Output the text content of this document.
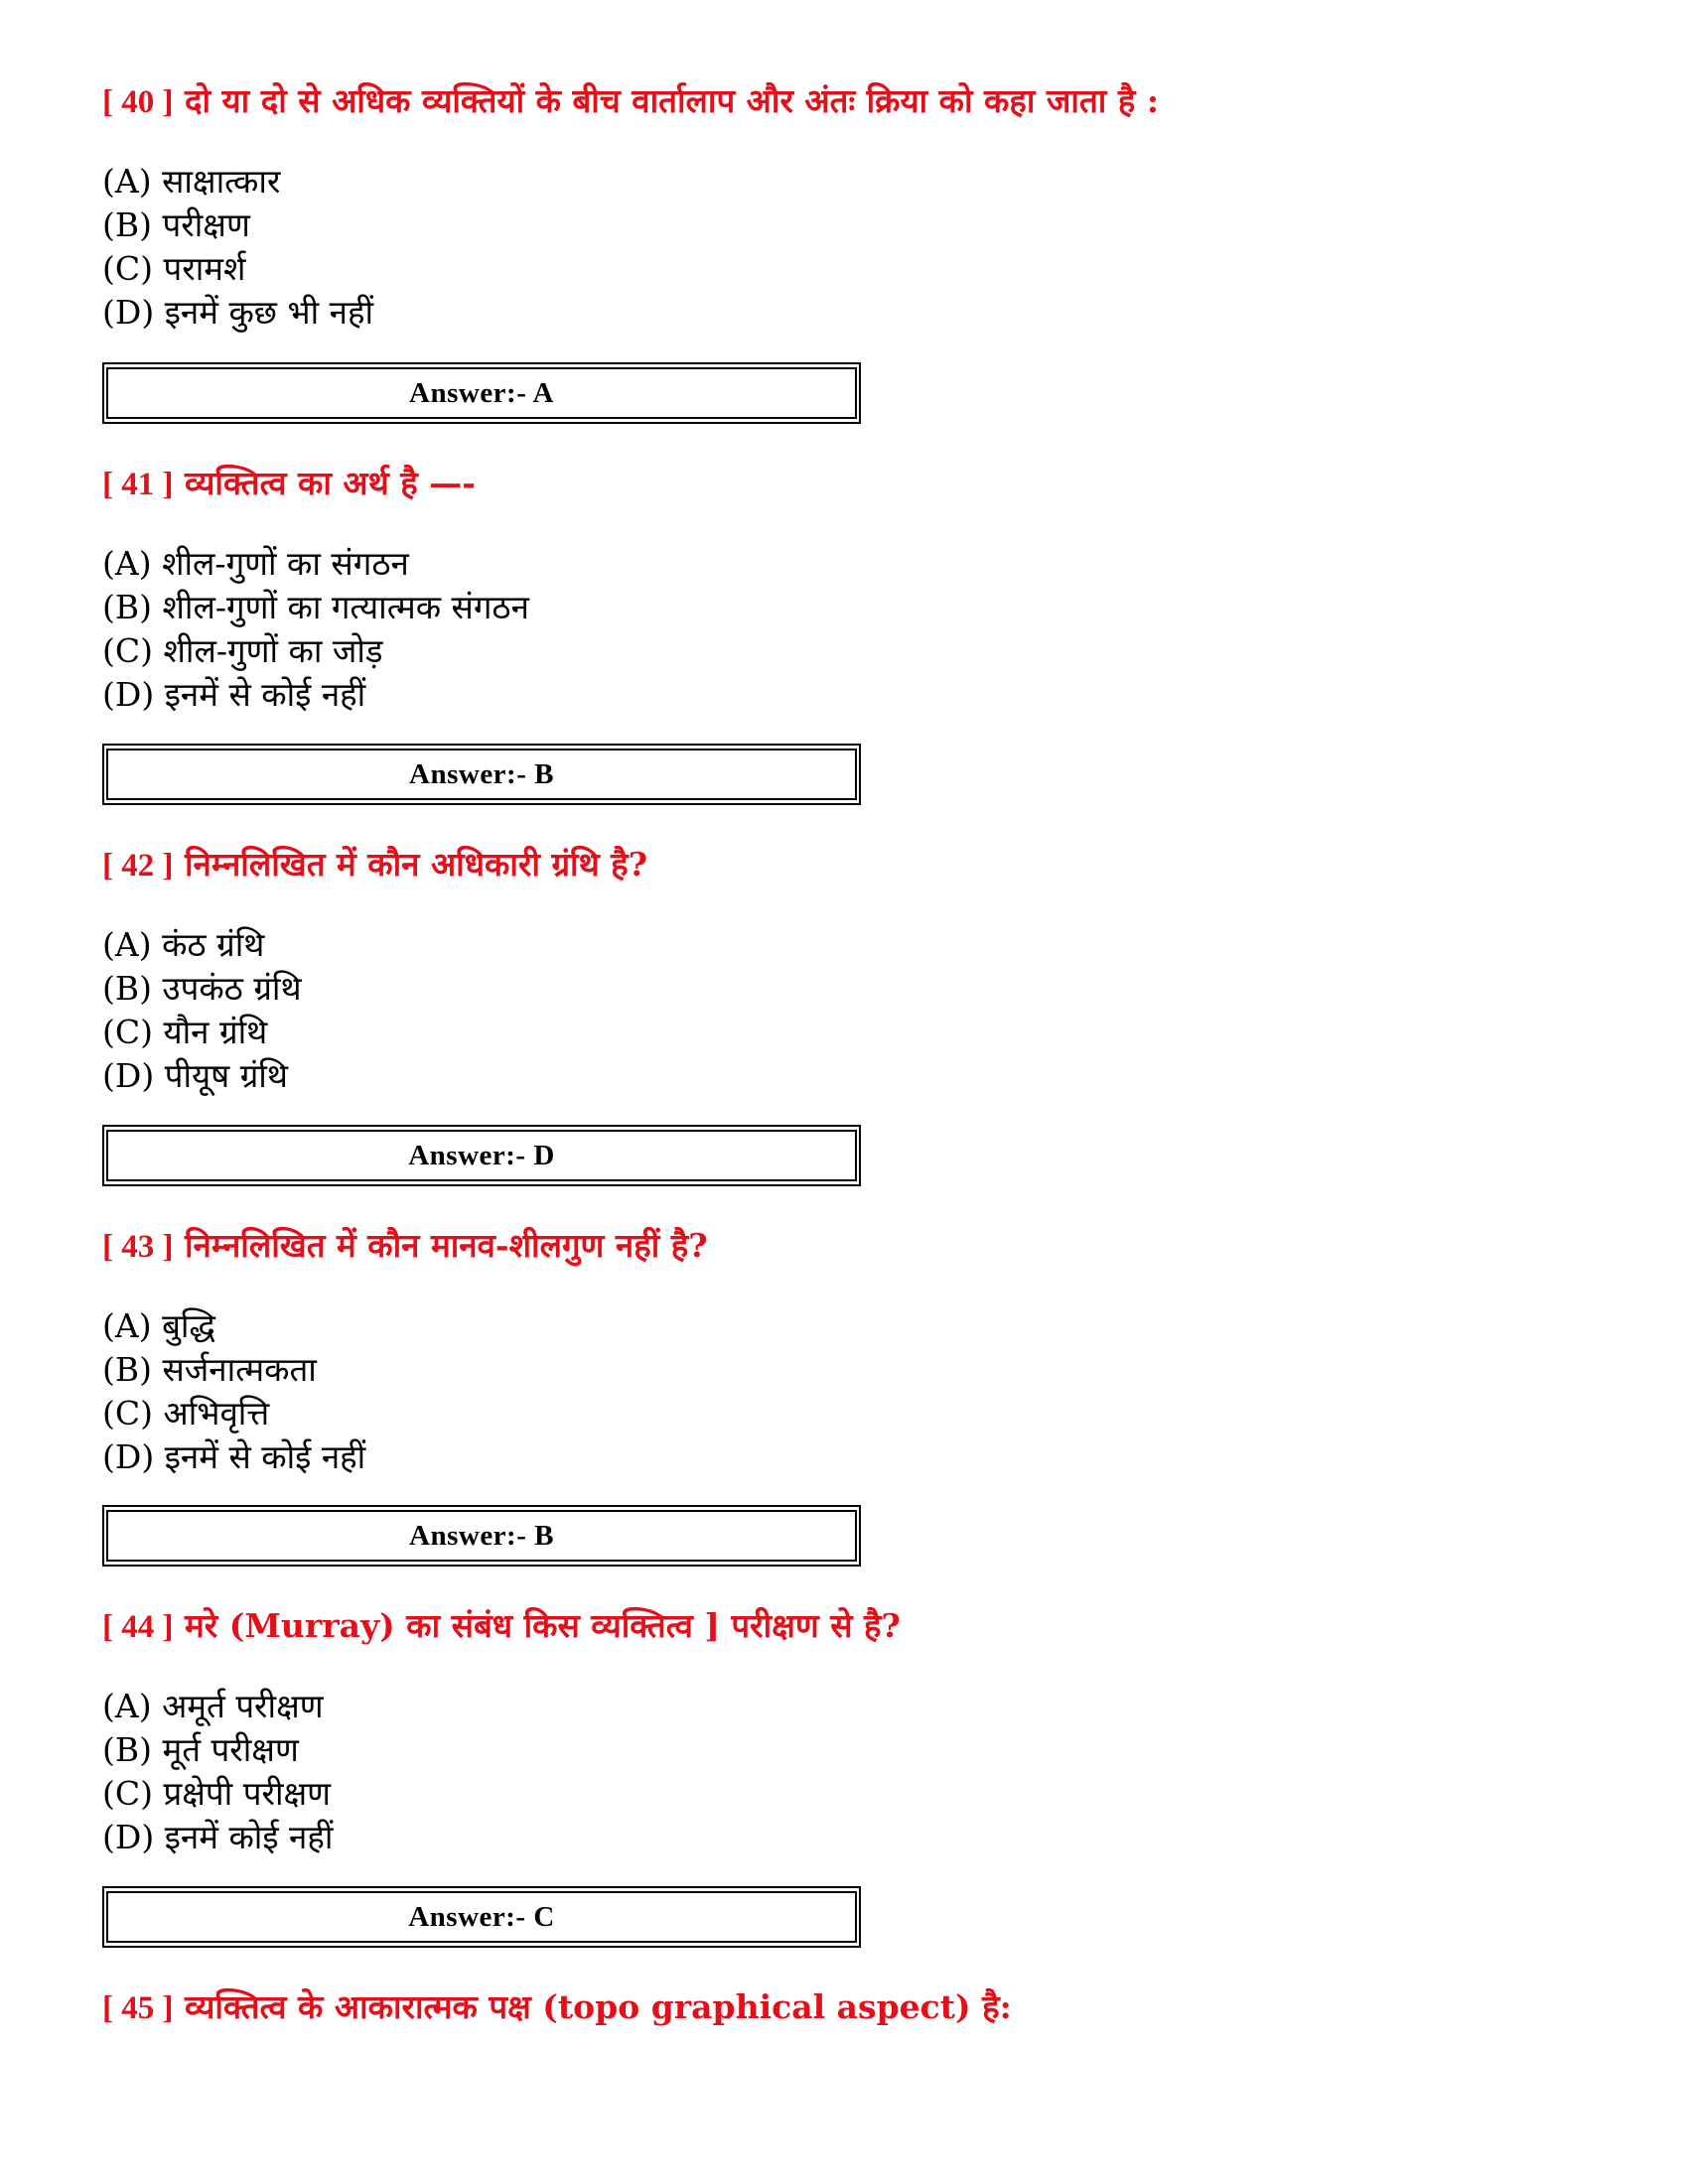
[ 40 ] दो या दो से अधिक व्यक्तियों के बीच वार्तालाप और अंतः क्रिया को कहा जाता है :

(A) साक्षात्कार
(B) परीक्षण
(C) परामर्श
(D) इनमें कुछ भी नहीं
Answer:- A

[ 41 ] व्यक्तित्व का अर्थ है —-

(A) शील-गुणों का संगठन
(B) शील-गुणों का गत्यात्मक संगठन
(C) शील-गुणों का जोड़
(D) इनमें से कोई नहीं
Answer:- B

[ 42 ] निम्नलिखित में कौन अधिकारी ग्रंथि है?

(A) कंठ ग्रंथि
(B) उपकंठ ग्रंथि
(C) यौन ग्रंथि
(D) पीयूष ग्रंथि
Answer:- D

[ 43 ] निम्नलिखित में कौन मानव-शीलगुण नहीं है?

(A) बुद्धि
(B) सर्जनात्मकता
(C) अभिवृत्ति
(D) इनमें से कोई नहीं
Answer:- B

[ 44 ] मरे (Murray) का संबंध किस व्यक्तित्व ] परीक्षण से है?

(A) अमूर्त परीक्षण
(B) मूर्त परीक्षण
(C) प्रक्षेपी परीक्षण
(D) इनमें कोई नहीं
Answer:- C

[ 45 ] व्यक्तित्व के आकारात्मक पक्ष (topo graphical aspect) है:
